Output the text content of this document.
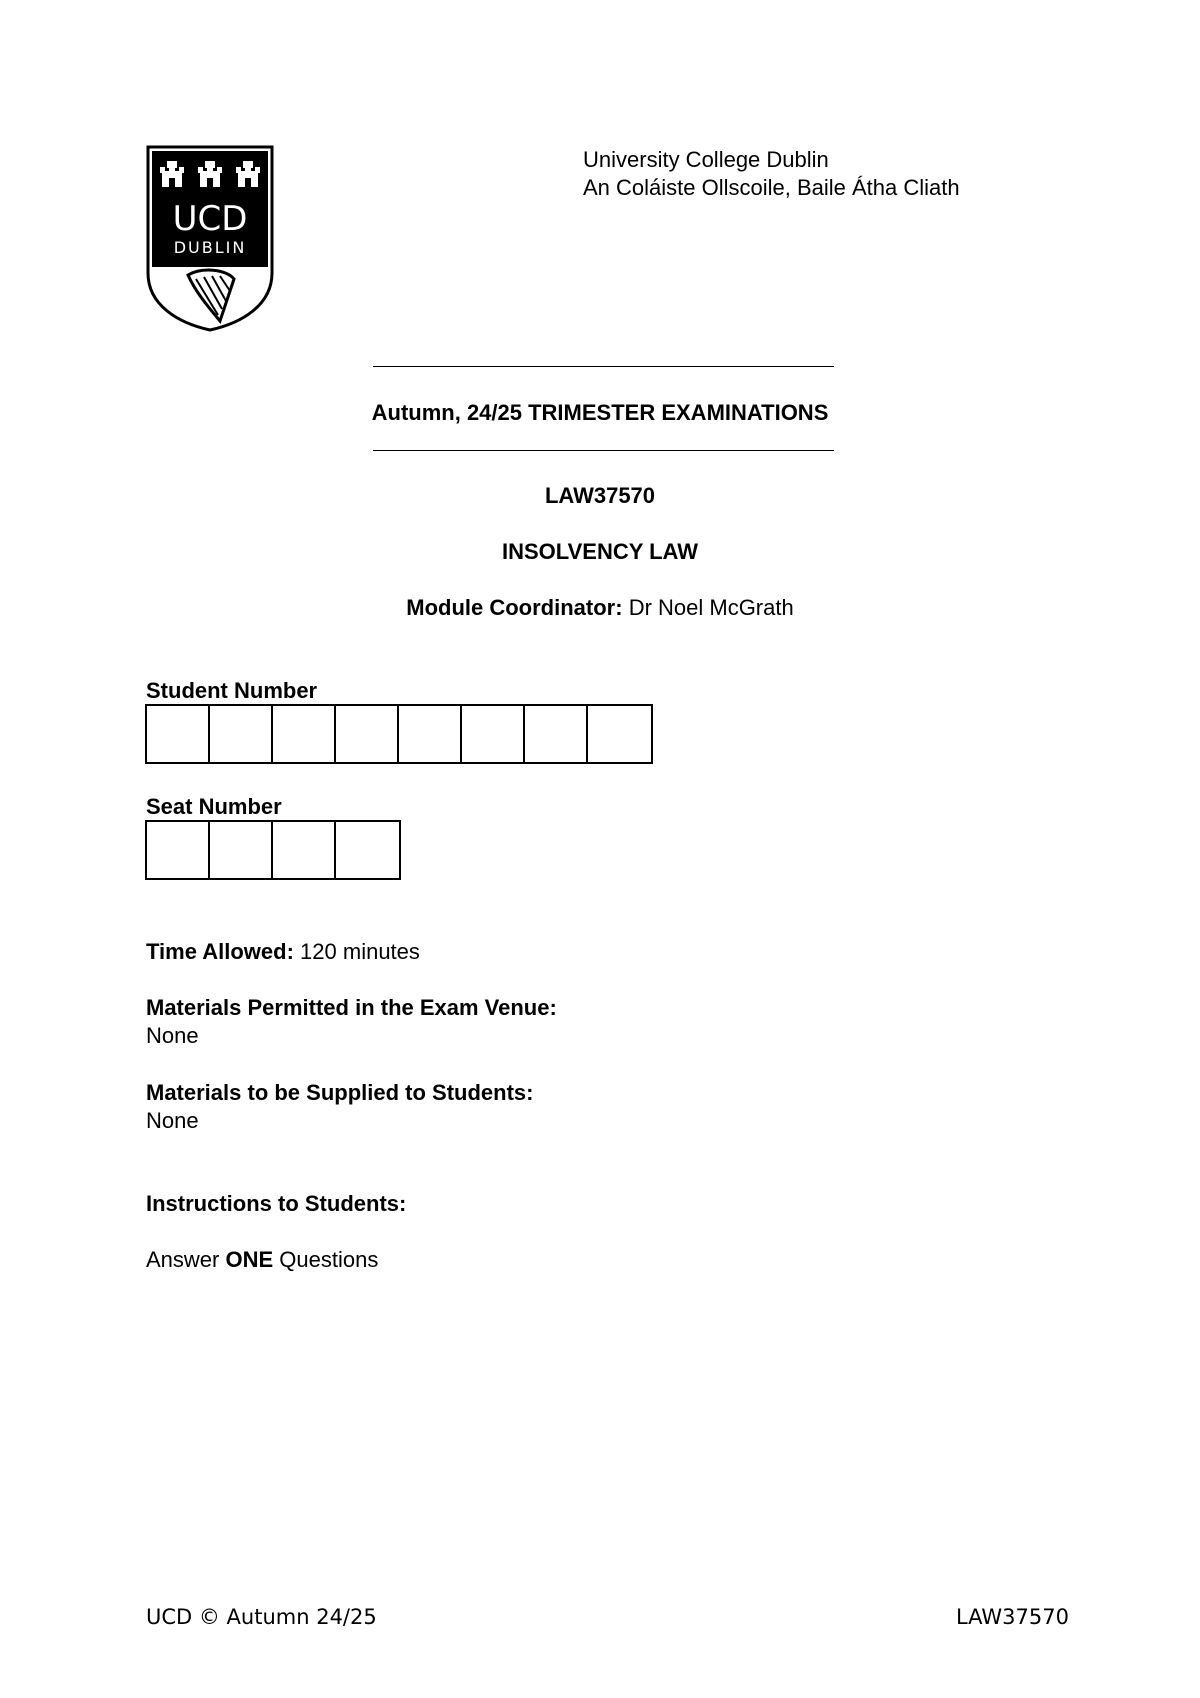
UCD
DUBLIN
University College Dublin
An Coláiste Ollscoile, Baile Átha Cliath
Autumn, 24/25 TRIMESTER EXAMINATIONS
LAW37570
INSOLVENCY LAW
Module Coordinator: Dr Noel McGrath
Student Number
Seat Number
Time Allowed: 120 minutes
Materials Permitted in the Exam Venue:
None
Materials to be Supplied to Students:
None
Instructions to Students:
Answer ONE Questions
UCD © Autumn 24/25	LAW37570
